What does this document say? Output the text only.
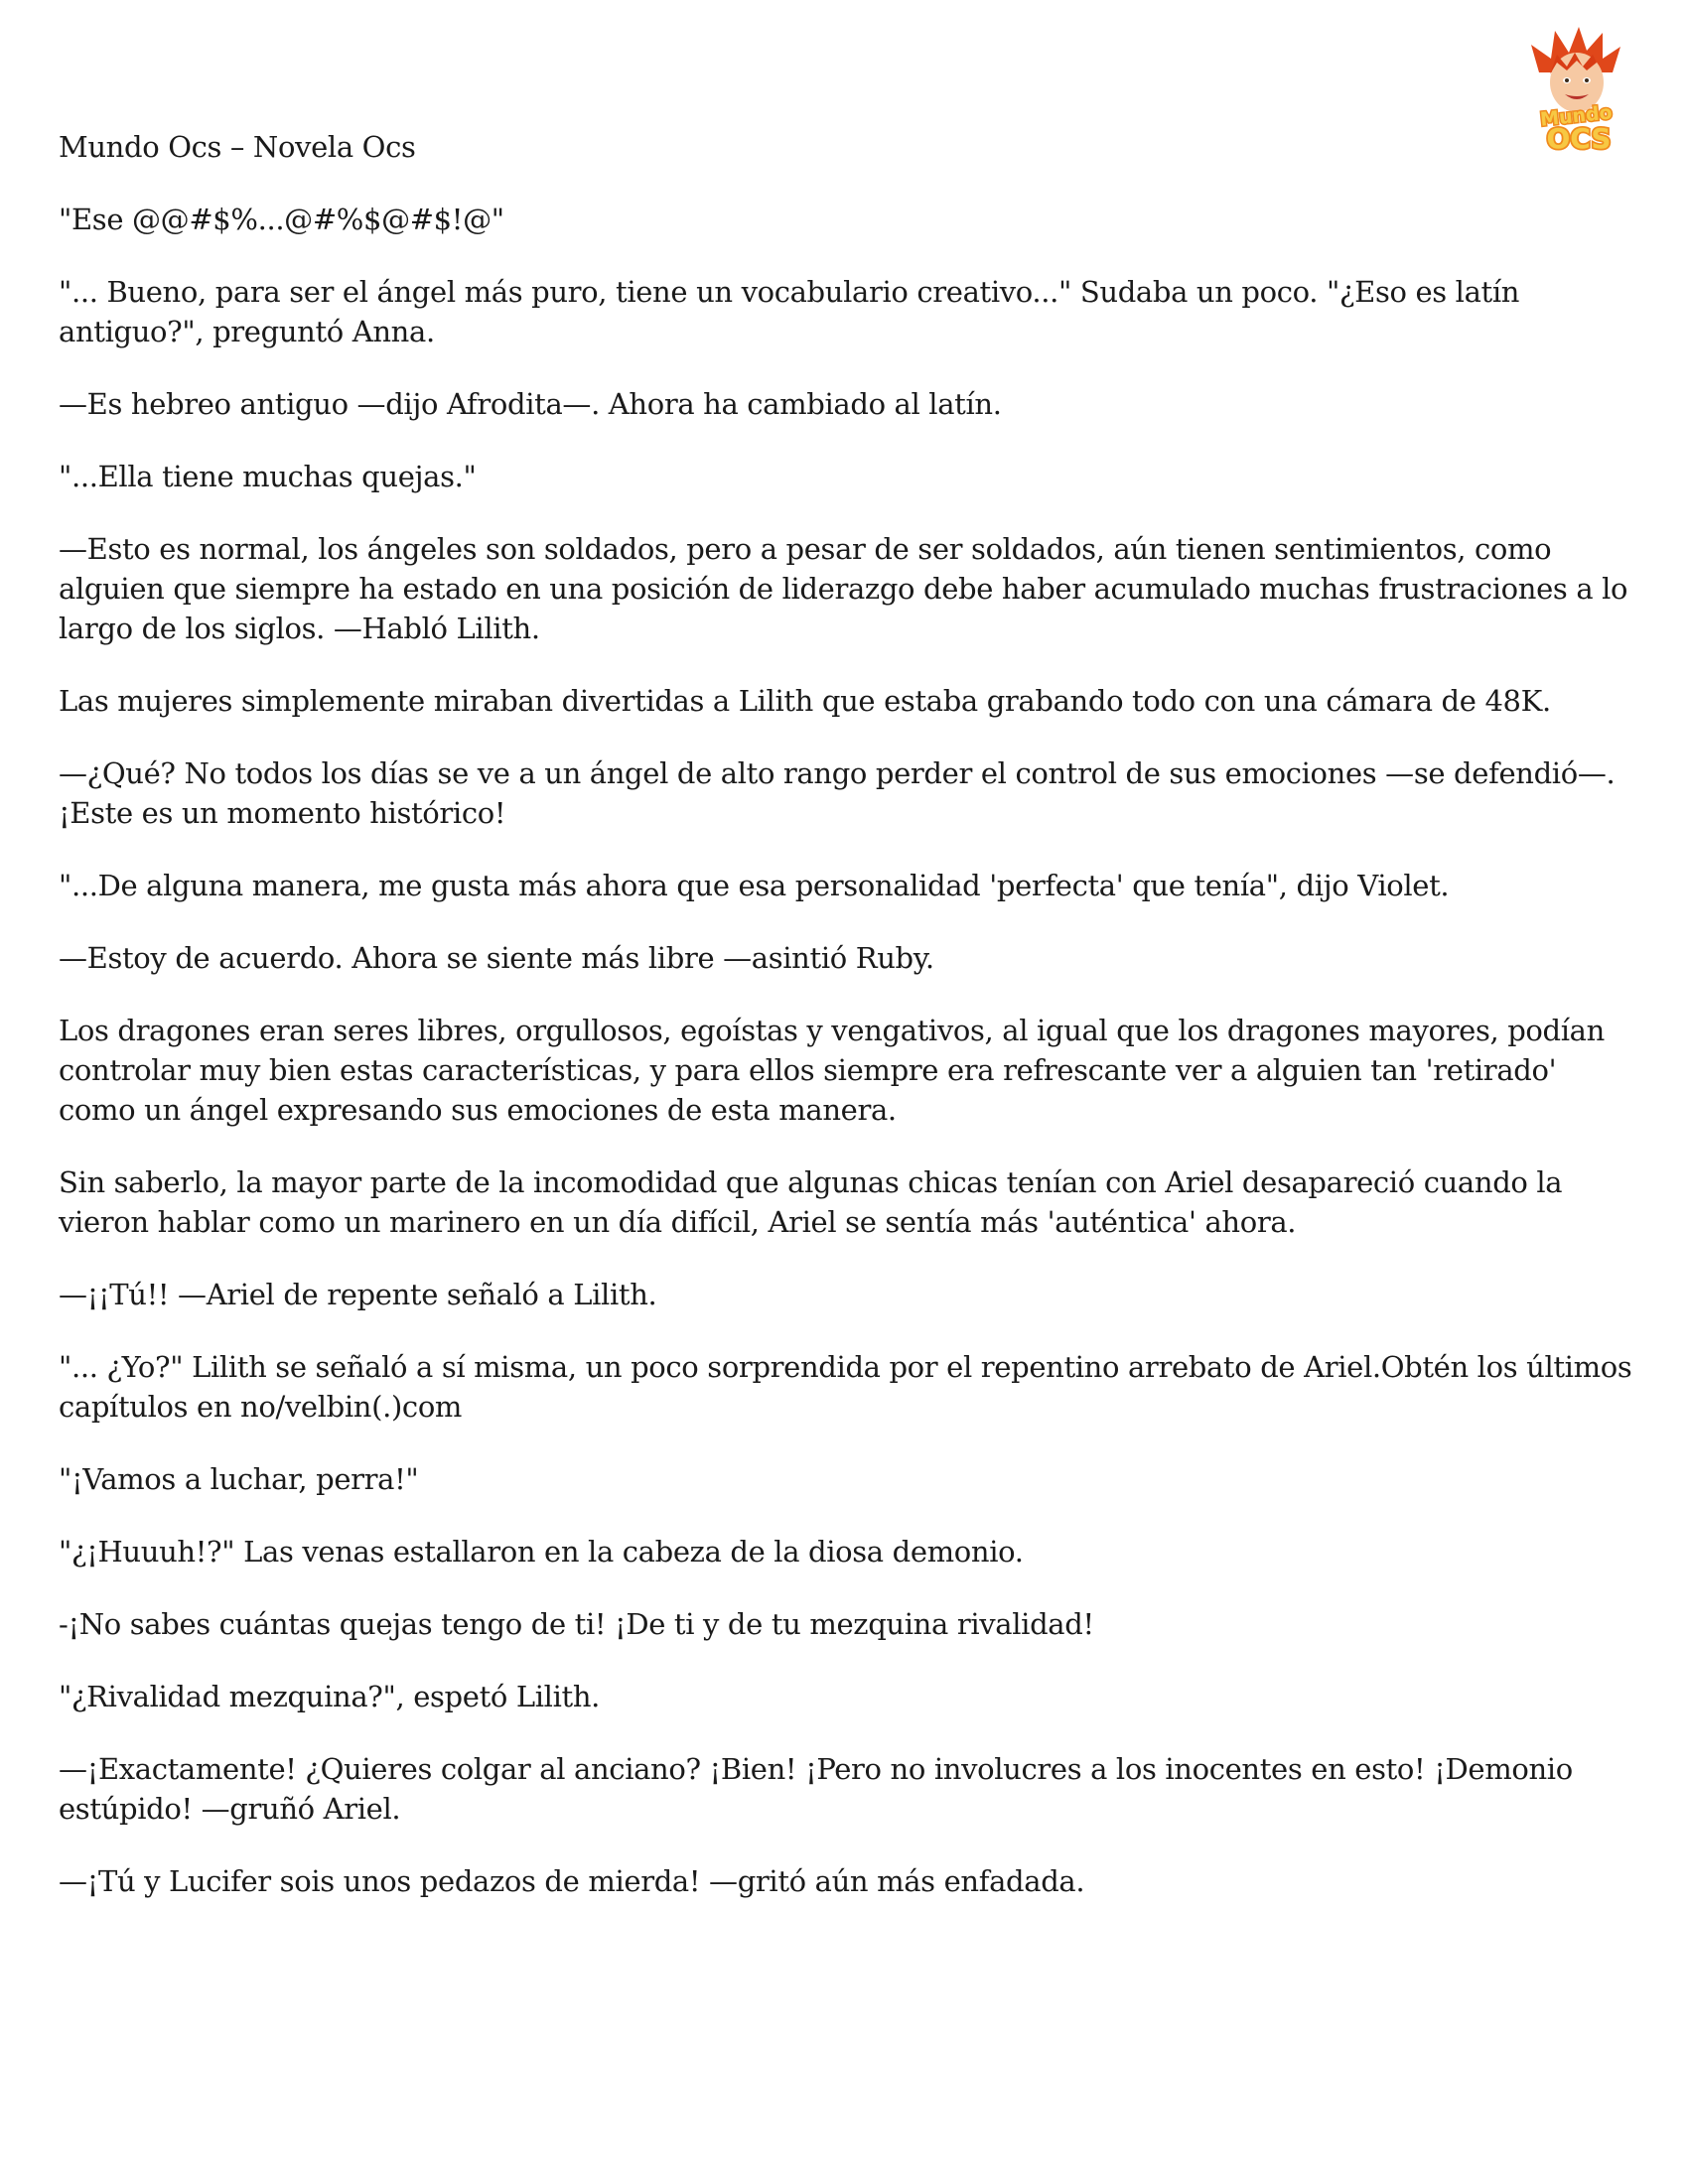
Mundo
OCS

Mundo Ocs – Novela Ocs

"Ese @@#$%...@#%$@#$!@"

"... Bueno, para ser el ángel más puro, tiene un vocabulario creativo..." Sudaba un poco. "¿Eso es latín antiguo?", preguntó Anna.

—Es hebreo antiguo —dijo Afrodita—. Ahora ha cambiado al latín.

"...Ella tiene muchas quejas."

—Esto es normal, los ángeles son soldados, pero a pesar de ser soldados, aún tienen sentimientos, como alguien que siempre ha estado en una posición de liderazgo debe haber acumulado muchas frustraciones a lo largo de los siglos. —Habló Lilith.

Las mujeres simplemente miraban divertidas a Lilith que estaba grabando todo con una cámara de 48K.

—¿Qué? No todos los días se ve a un ángel de alto rango perder el control de sus emociones —se defendió—. ¡Este es un momento histórico!

"...De alguna manera, me gusta más ahora que esa personalidad 'perfecta' que tenía", dijo Violet.

—Estoy de acuerdo. Ahora se siente más libre —asintió Ruby.

Los dragones eran seres libres, orgullosos, egoístas y vengativos, al igual que los dragones mayores, podían controlar muy bien estas características, y para ellos siempre era refrescante ver a alguien tan 'retirado' como un ángel expresando sus emociones de esta manera.

Sin saberlo, la mayor parte de la incomodidad que algunas chicas tenían con Ariel desapareció cuando la vieron hablar como un marinero en un día difícil, Ariel se sentía más 'auténtica' ahora.

—¡¡Tú!! —Ariel de repente señaló a Lilith.

"... ¿Yo?" Lilith se señaló a sí misma, un poco sorprendida por el repentino arrebato de Ariel.Obtén los últimos capítulos en nо/velbin(.)com

"¡Vamos a luchar, perra!"

"¿¡Huuuh!?" Las venas estallaron en la cabeza de la diosa demonio.

-¡No sabes cuántas quejas tengo de ti! ¡De ti y de tu mezquina rivalidad!

"¿Rivalidad mezquina?", espetó Lilith.

—¡Exactamente! ¿Quieres colgar al anciano? ¡Bien! ¡Pero no involucres a los inocentes en esto! ¡Demonio estúpido! —gruñó Ariel.

—¡Tú y Lucifer sois unos pedazos de mierda! —gritó aún más enfadada.
